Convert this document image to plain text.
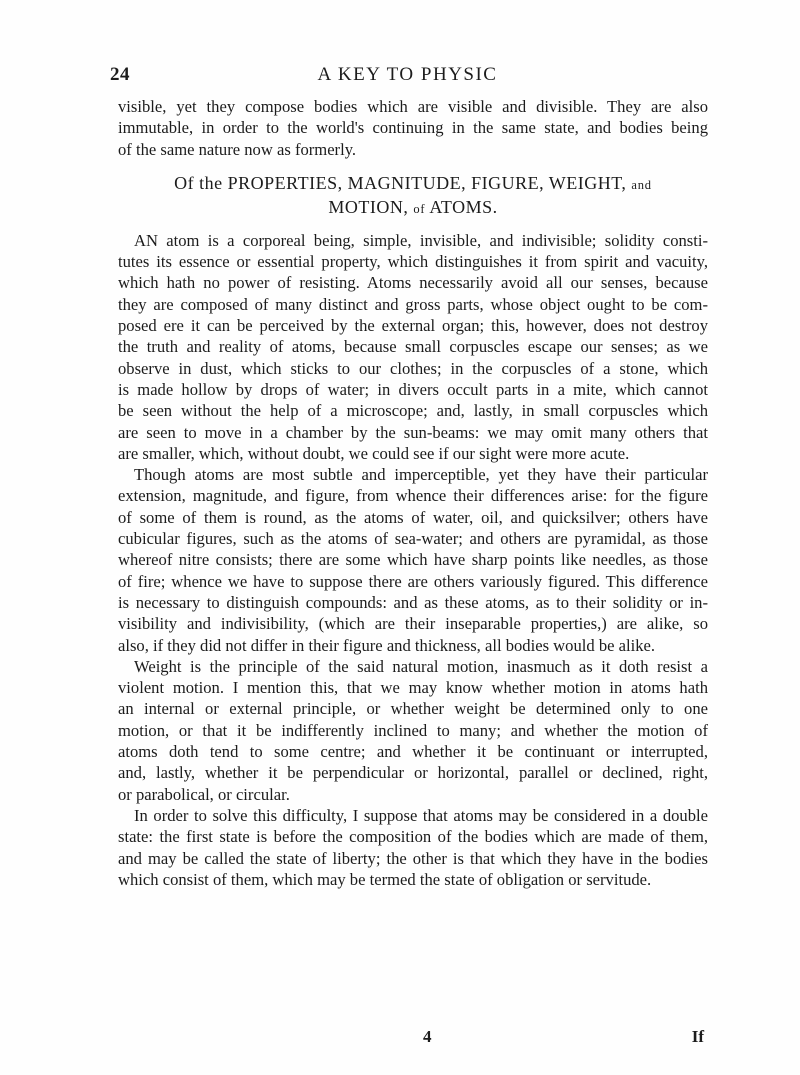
24	A KEY TO PHYSIC
visible, yet they compose bodies which are visible and divisible. They are also
immutable, in order to the world's continuing in the same state, and bodies being
of the same nature now as formerly.
Of the PROPERTIES, MAGNITUDE, FIGURE, WEIGHT, and
MOTION, of ATOMS.
AN atom is a corporeal being, simple, invisible, and indivisible; solidity consti-
tutes its essence or essential property, which distinguishes it from spirit and vacuity,
which hath no power of resisting. Atoms necessarily avoid all our senses, because
they are composed of many distinct and gross parts, whose object ought to be com-
posed ere it can be perceived by the external organ; this, however, does not destroy
the truth and reality of atoms, because small corpuscles escape our senses; as we
observe in dust, which sticks to our clothes; in the corpuscles of a stone, which
is made hollow by drops of water; in divers occult parts in a mite, which cannot
be seen without the help of a microscope; and, lastly, in small corpuscles which
are seen to move in a chamber by the sun-beams: we may omit many others that
are smaller, which, without doubt, we could see if our sight were more acute.
Though atoms are most subtle and imperceptible, yet they have their particular
extension, magnitude, and figure, from whence their differences arise: for the figure
of some of them is round, as the atoms of water, oil, and quicksilver; others have
cubicular figures, such as the atoms of sea-water; and others are pyramidal, as those
whereof nitre consists; there are some which have sharp points like needles, as those
of fire; whence we have to suppose there are others variously figured. This difference
is necessary to distinguish compounds: and as these atoms, as to their solidity or in-
visibility and indivisibility, (which are their inseparable properties,) are alike, so
also, if they did not differ in their figure and thickness, all bodies would be alike.
Weight is the principle of the said natural motion, inasmuch as it doth resist a
violent motion. I mention this, that we may know whether motion in atoms hath
an internal or external principle, or whether weight be determined only to one
motion, or that it be indifferently inclined to many; and whether the motion of
atoms doth tend to some centre; and whether it be continuant or interrupted,
and, lastly, whether it be perpendicular or horizontal, parallel or declined, right,
or parabolical, or circular.
In order to solve this difficulty, I suppose that atoms may be considered in a double
state: the first state is before the composition of the bodies which are made of them,
and may be called the state of liberty; the other is that which they have in the bodies
which consist of them, which may be termed the state of obligation or servitude.
4	If
